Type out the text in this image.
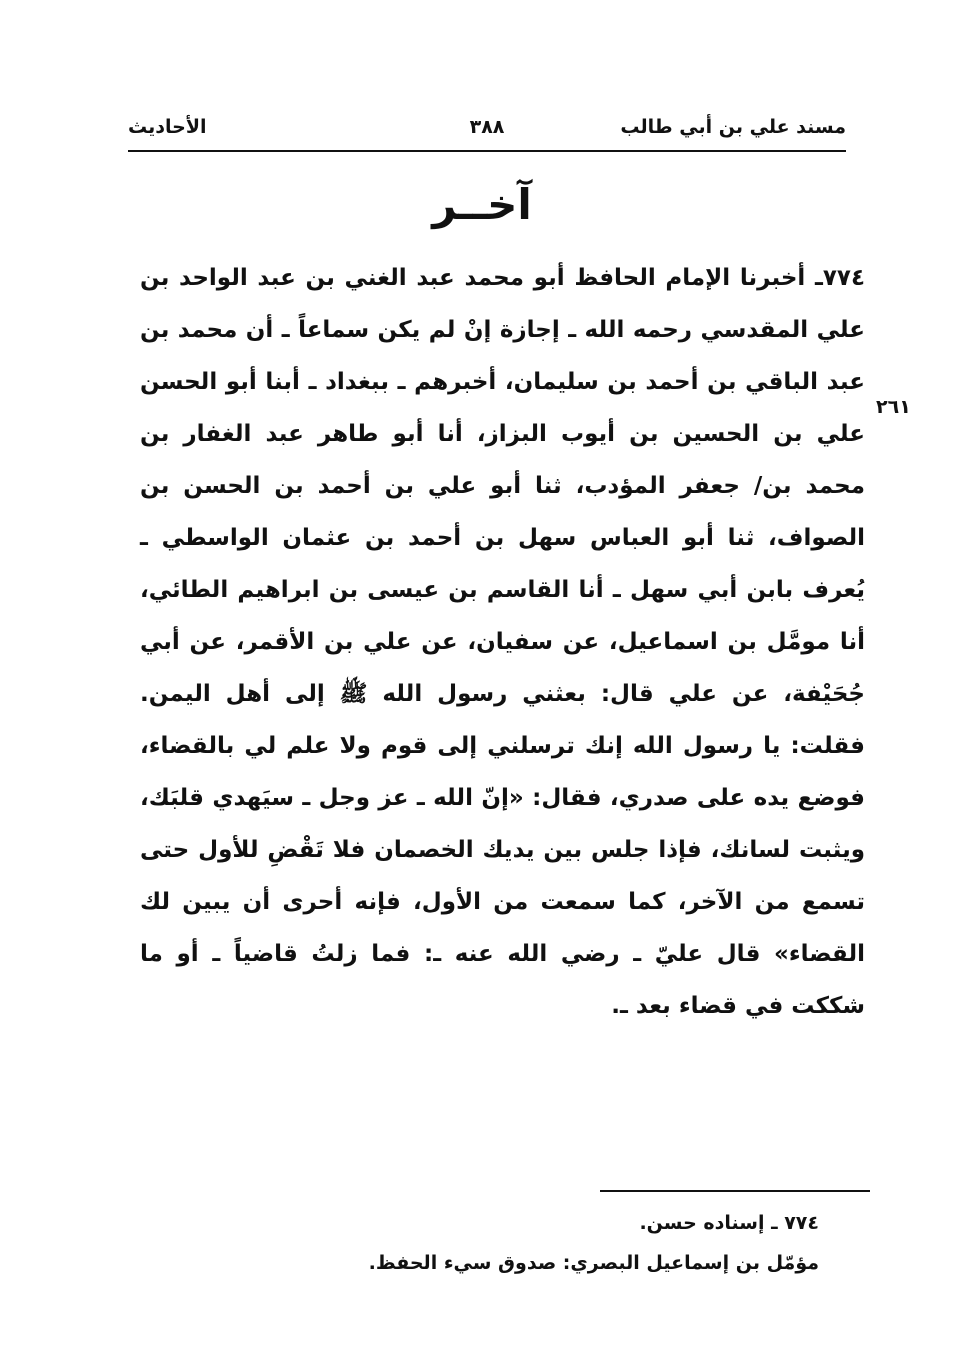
مسند علي بن أبي طالب
٣٨٨
الأحاديث
آخــر
٢٦١
٧٧٤ـ أخبرنا الإمام الحافظ أبو محمد عبد الغني بن عبد الواحد بن علي المقدسي رحمه الله ـ إجازة إنْ لم يكن سماعاً ـ أن محمد بن عبد الباقي بن أحمد بن سليمان، أخبرهم ـ ببغداد ـ أبنا أبو الحسن علي بن الحسين بن أيوب البزاز، أنا أبو طاهر عبد الغفار بن محمد بن/ جعفر المؤدب، ثنا أبو علي بن أحمد بن الحسن بن الصواف، ثنا أبو العباس سهل بن أحمد بن عثمان الواسطي ـ يُعرف بابن أبي سهل ـ أنا القاسم بن عيسى بن ابراهيم الطائي، أنا مومَّل بن اسماعيل، عن سفيان، عن علي بن الأقمر، عن أبي جُحَيْفة، عن علي قال: بعثني رسول الله ﷺ إلى أهل اليمن. فقلت: يا رسول الله إنك ترسلني إلى قوم ولا علم لي بالقضاء، فوضع يده على صدري، فقال: «إنّ الله ـ عز وجل ـ سيَهدي قلبَك، ويثبت لسانك، فإذا جلس بين يديك الخصمان فلا تَقْضِ للأول حتى تسمع من الآخر، كما سمعت من الأول، فإنه أحرى أن يبين لك القضاء» قال عليّ ـ رضي الله عنه ـ: فما زلتُ قاضياً ـ أو ما شككت في قضاء بعد ـ.
٧٧٤ ـ إسناده حسن.
مؤمّل بن إسماعيل البصري: صدوق سيء الحفظ.
